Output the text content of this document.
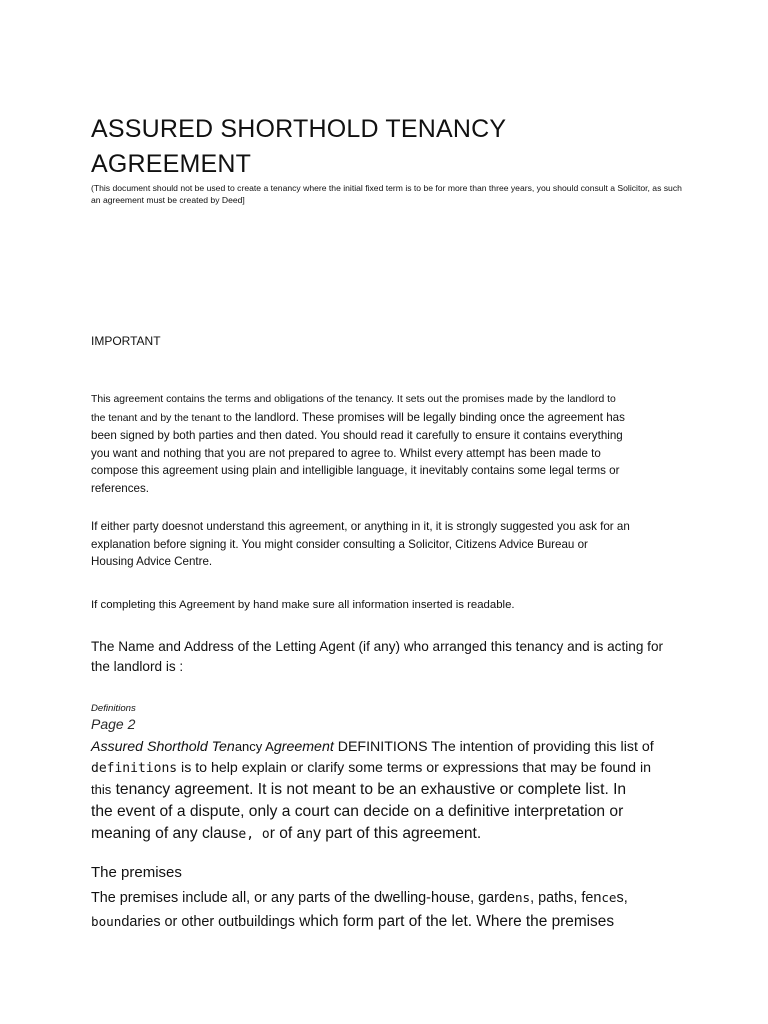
ASSURED SHORTHOLD TENANCY
AGREEMENT
(This document should not be used to create a tenancy where the initial fixed term is to be for more than three years, you should consult a Solicitor, as such an agreement must be created by Deed]
IMPORTANT
This agreement contains the terms and obligations of the tenancy. It sets out the promises made by the landlord to
the tenant and by the tenant to the landlord. These promises will be legally binding once the agreement has
been signed by both parties and then dated. You should read it carefully to ensure it contains everything
you want and nothing that you are not prepared to agree to. Whilst every attempt has been made to
compose this agreement using plain and intelligible language, it inevitably contains some legal terms or
references.
If either party doesnot understand this agreement, or anything in it, it is strongly suggested you ask for an
explanation before signing it. You might consider consulting a Solicitor, Citizens Advice Bureau or
Housing Advice Centre.
If completing this Agreement by hand make sure all information inserted is readable.
The Name and Address of the Letting Agent (if any) who arranged this tenancy and is acting for
the landlord is :
Definitions
Page 2
Assured Shorthold Tenancy Agreement DEFINITIONS The intention of providing this list of
definitions is to help explain or clarify some terms or expressions that may be found in
this tenancy agreement. It is not meant to be an exhaustive or complete list. In
the event of a dispute, only a court can decide on a definitive interpretation or
meaning of any clause, or of any part of this agreement.
The premises
The premises include all, or any parts of the dwelling-house, gardens, paths, fences,
boundaries or other outbuildings which form part of the let. Where the premises
